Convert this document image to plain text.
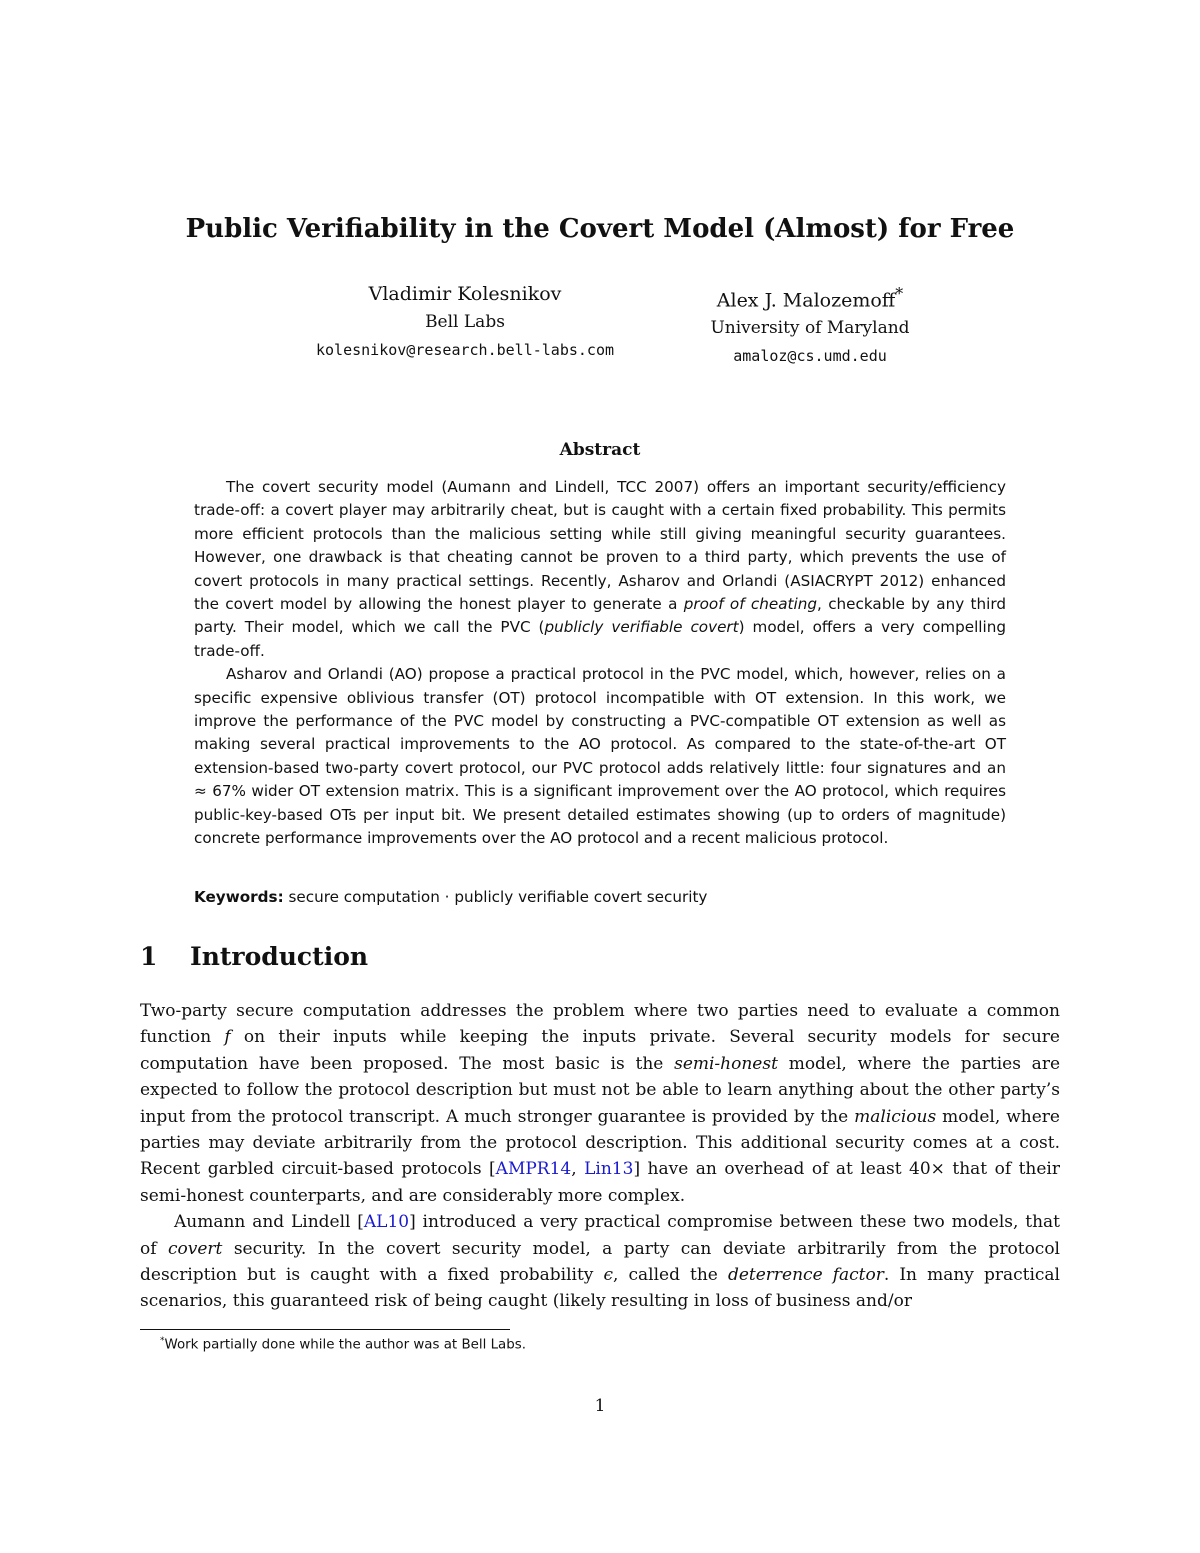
Public Verifiability in the Covert Model (Almost) for Free
Vladimir Kolesnikov
Bell Labs
kolesnikov@research.bell-labs.com
Alex J. Malozemoff*
University of Maryland
amaloz@cs.umd.edu
Abstract

The covert security model (Aumann and Lindell, TCC 2007) offers an important security/efficiency trade-off: a covert player may arbitrarily cheat, but is caught with a certain fixed probability. This permits more efficient protocols than the malicious setting while still giving meaningful security guarantees. However, one drawback is that cheating cannot be proven to a third party, which prevents the use of covert protocols in many practical settings. Recently, Asharov and Orlandi (ASIACRYPT 2012) enhanced the covert model by allowing the honest player to generate a proof of cheating, checkable by any third party. Their model, which we call the PVC (publicly verifiable covert) model, offers a very compelling trade-off.

Asharov and Orlandi (AO) propose a practical protocol in the PVC model, which, however, relies on a specific expensive oblivious transfer (OT) protocol incompatible with OT extension. In this work, we improve the performance of the PVC model by constructing a PVC-compatible OT extension as well as making several practical improvements to the AO protocol. As compared to the state-of-the-art OT extension-based two-party covert protocol, our PVC protocol adds relatively little: four signatures and an ≈ 67% wider OT extension matrix. This is a significant improvement over the AO protocol, which requires public-key-based OTs per input bit. We present detailed estimates showing (up to orders of magnitude) concrete performance improvements over the AO protocol and a recent malicious protocol.

Keywords: secure computation · publicly verifiable covert security
1 Introduction

Two-party secure computation addresses the problem where two parties need to evaluate a common function f on their inputs while keeping the inputs private. Several security models for secure computation have been proposed. The most basic is the semi-honest model, where the parties are expected to follow the protocol description but must not be able to learn anything about the other party’s input from the protocol transcript. A much stronger guarantee is provided by the malicious model, where parties may deviate arbitrarily from the protocol description. This additional security comes at a cost. Recent garbled circuit-based protocols [AMPR14, Lin13] have an overhead of at least 40× that of their semi-honest counterparts, and are considerably more complex.

Aumann and Lindell [AL10] introduced a very practical compromise between these two models, that of covert security. In the covert security model, a party can deviate arbitrarily from the protocol description but is caught with a fixed probability ϵ, called the deterrence factor. In many practical scenarios, this guaranteed risk of being caught (likely resulting in loss of business and/or

*Work partially done while the author was at Bell Labs.
1
